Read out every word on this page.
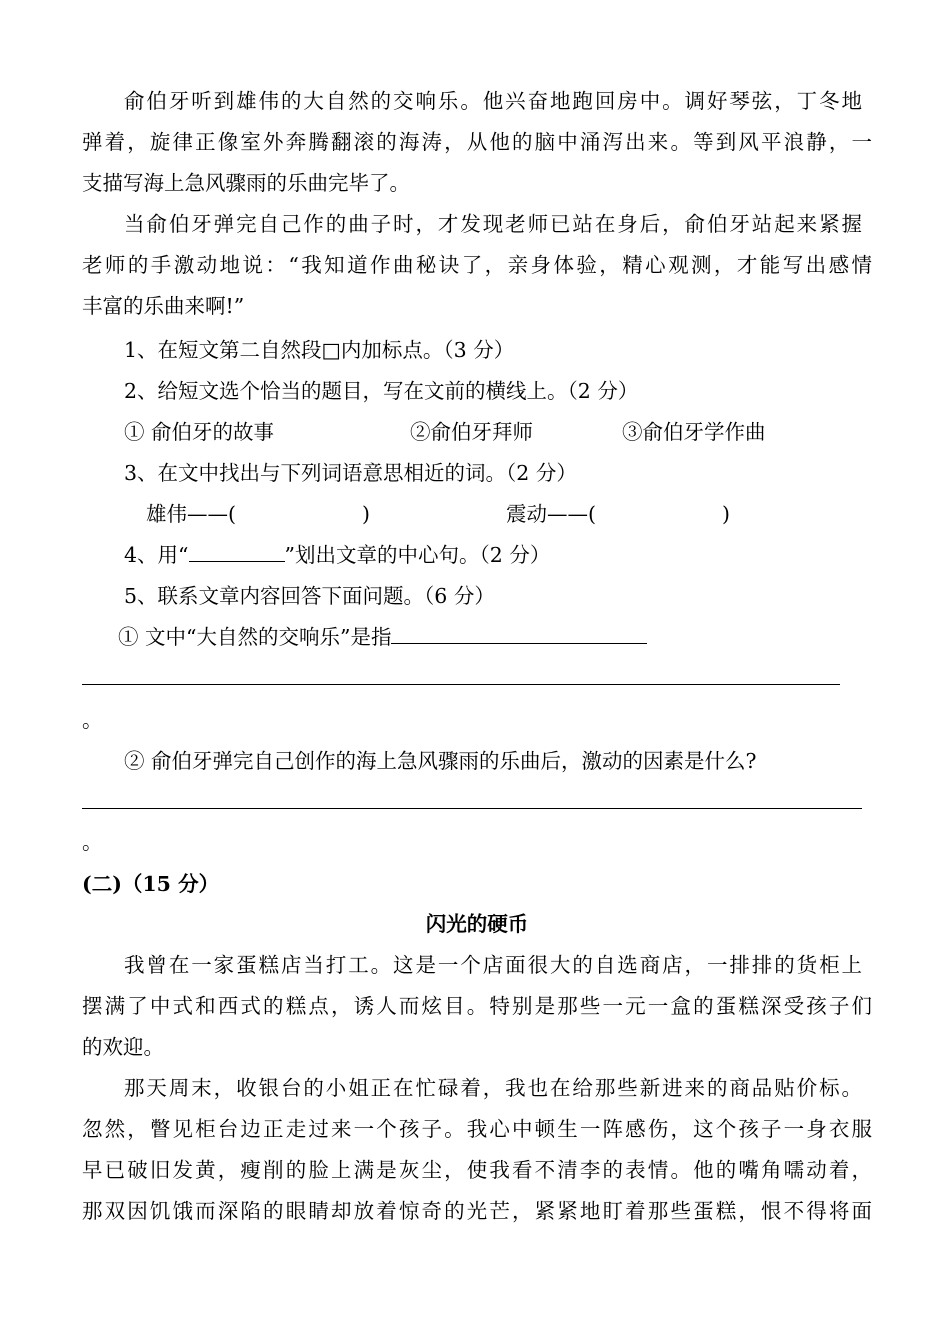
俞伯牙听到雄伟的大自然的交响乐。他兴奋地跑回房中。调好琴弦，丁冬地
弹着，旋律正像室外奔腾翻滚的海涛，从他的脑中涌泻出来。等到风平浪静，一
支描写海上急风骤雨的乐曲完毕了。
当俞伯牙弹完自己作的曲子时，才发现老师已站在身后，俞伯牙站起来紧握
老师的手激动地说：“我知道作曲秘诀了，亲身体验，精心观测，才能写出感情
丰富的乐曲来啊!”
1、在短文第二自然段□内加标点。（3 分）
2、给短文选个恰当的题目，写在文前的横线上。（2 分）
① 俞伯牙的故事	②俞伯牙拜师	③俞伯牙学作曲
3、在文中找出与下列词语意思相近的词。（2 分）
雄伟——(	)	震动——(	)
4、用“	”划出文章的中心句。（2 分）
5、联系文章内容回答下面问题。（6 分）
① 文中“大自然的交响乐”是指
。
② 俞伯牙弹完自己创作的海上急风骤雨的乐曲后，激动的因素是什么?
。
(二)（15 分）
闪光的硬币
我曾在一家蛋糕店当打工。这是一个店面很大的自选商店，一排排的货柜上
摆满了中式和西式的糕点，诱人而炫目。特别是那些一元一盒的蛋糕深受孩子们
的欢迎。
那天周末，收银台的小姐正在忙碌着，我也在给那些新进来的商品贴价标。
忽然，瞥见柜台边正走过来一个孩子。我心中顿生一阵感伤，这个孩子一身衣服
早已破旧发黄，瘦削的脸上满是灰尘，使我看不清李的表情。他的嘴角嚅动着，
那双因饥饿而深陷的眼睛却放着惊奇的光芒，紧紧地盯着那些蛋糕，恨不得将面
